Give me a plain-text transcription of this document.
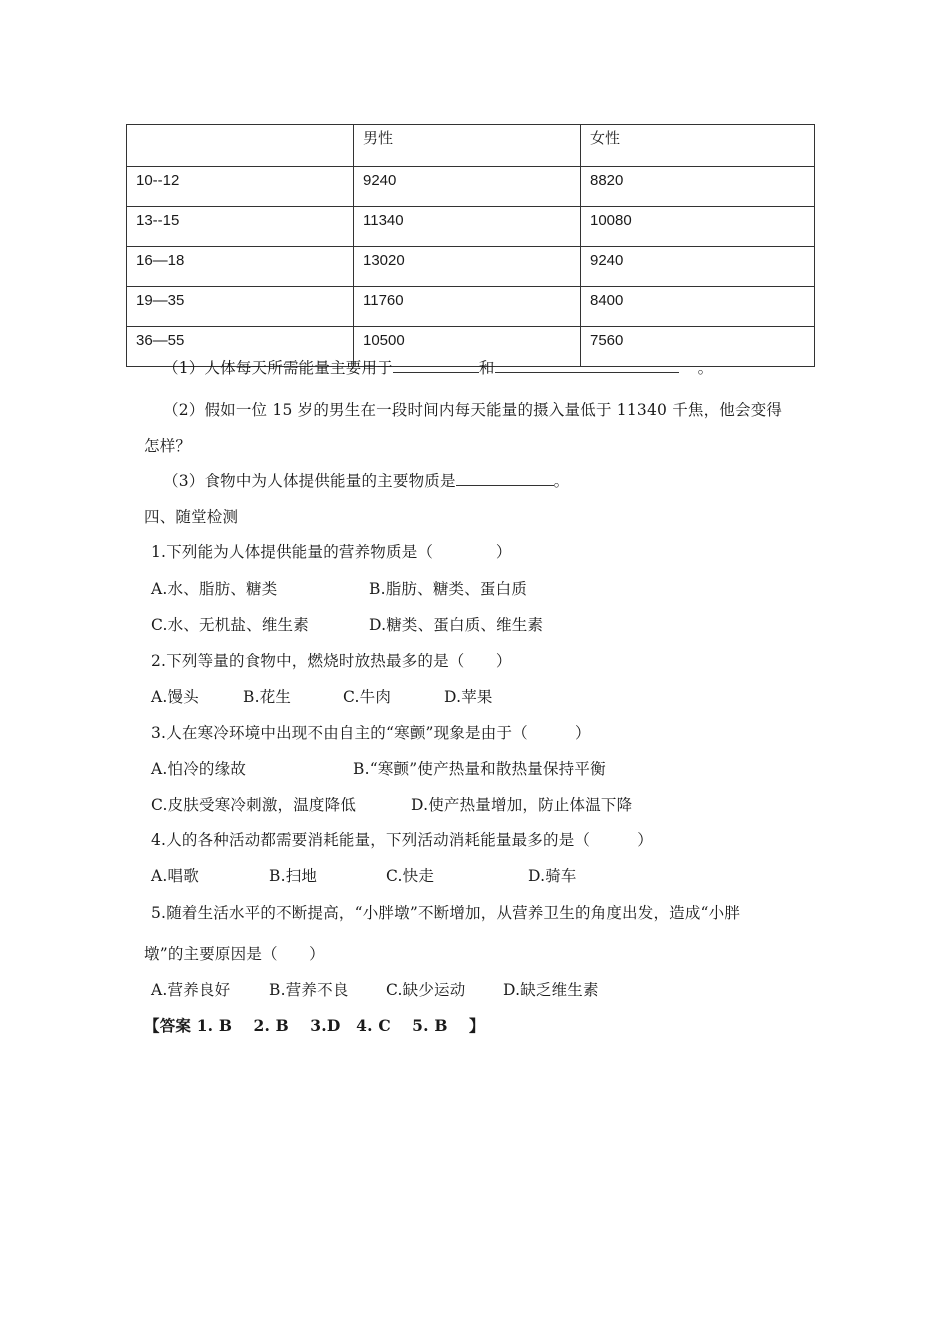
	男性	女性
10--12	9240	8820
13--15	11340	10080
16—18	13020	9240
19—35	11760	8400
36—55	10500	7560
（1）人体每天所需能量主要用于	和	。
（2）假如一位 15 岁的男生在一段时间内每天能量的摄入量低于 11340 千焦，他会变得
怎样？
（3）食物中为人体提供能量的主要物质是	。
四、随堂检测
1.下列能为人体提供能量的营养物质是（　　　　）
A.水、脂肪、糖类	B.脂肪、糖类、蛋白质
C.水、无机盐、维生素	D.糖类、蛋白质、维生素
2.下列等量的食物中，燃烧时放热最多的是（　　）
A.馒头	B.花生	C.牛肉	D.苹果
3.人在寒冷环境中出现不由自主的“寒颤”现象是由于（　　　）
A.怕冷的缘故	B.“寒颤”使产热量和散热量保持平衡
C.皮肤受寒冷刺激，温度降低	D.使产热量增加，防止体温下降
4.人的各种活动都需要消耗能量，下列活动消耗能量最多的是（　　　）
A.唱歌	B.扫地	C.快走	D.骑车
5.随着生活水平的不断提高，“小胖墩”不断增加，从营养卫生的角度出发，造成“小胖
墩”的主要原因是（　　）
A.营养良好 B.营养不良 C.缺少运动 D.缺乏维生素
【答案 1. B　 2. B　 3.D　4. C　 5. B　 】
